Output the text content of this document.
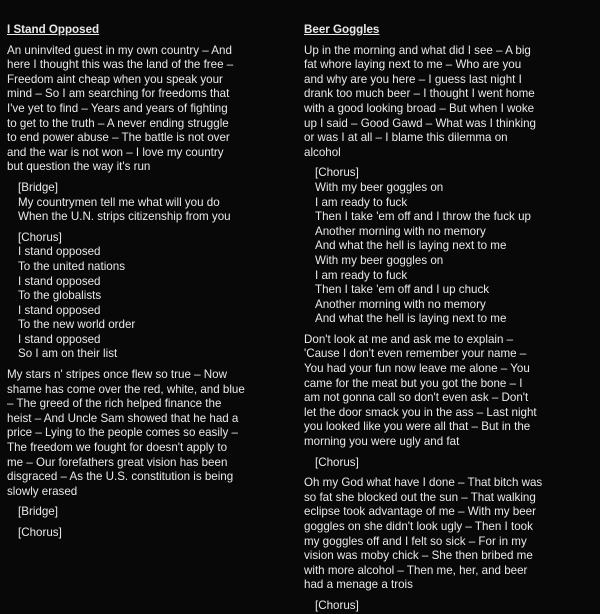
I Stand Opposed
An uninvited guest in my own country – And
here I thought this was the land of the free –
Freedom aint cheap when you speak your
mind – So I am searching for freedoms that
I've yet to find – Years and years of fighting
to get to the truth – A never ending struggle
to end power abuse – The battle is not over
and the war is not won – I love my country
but question the way it's run
[Bridge]
My countrymen tell me what will you do
When the U.N. strips citizenship from you
[Chorus]
I stand opposed
To the united nations
I stand opposed
To the globalists
I stand opposed
To the new world order
I stand opposed
So I am on their list
My stars n' stripes once flew so true – Now
shame has come over the red, white, and blue
– The greed of the rich helped finance the
heist – And Uncle Sam showed that he had a
price – Lying to the people comes so easily –
The freedom we fought for doesn't apply to
me – Our forefathers great vision has been
disgraced – As the U.S. constitution is being
slowly erased
[Bridge]
[Chorus]
Beer Goggles
Up in the morning and what did I see – A big
fat whore laying next to me – Who are you
and why are you here – I guess last night I
drank too much beer – I thought I went home
with a good looking broad – But when I woke
up I said – Good Gawd – What was I thinking
or was I at all – I blame this dilemma on
alcohol
[Chorus]
With my beer goggles on
I am ready to fuck
Then I take 'em off and I throw the fuck up
Another morning with no memory
And what the hell is laying next to me
With my beer goggles on
I am ready to fuck
Then I take 'em off and I up chuck
Another morning with no memory
And what the hell is laying next to me
Don't look at me and ask me to explain –
'Cause I don't even remember your name –
You had your fun now leave me alone – You
came for the meat but you got the bone – I
am not gonna call so don't even ask – Don't
let the door smack you in the ass – Last night
you looked like you were all that – But in the
morning you were ugly and fat
[Chorus]
Oh my God what have I done – That bitch was
so fat she blocked out the sun – That walking
eclipse took advantage of me – With my beer
goggles on she didn't look ugly – Then I took
my goggles off and I felt so sick – For in my
vision was moby chick – She then bribed me
with more alcohol – Then me, her, and beer
had a menage a trois
[Chorus]
